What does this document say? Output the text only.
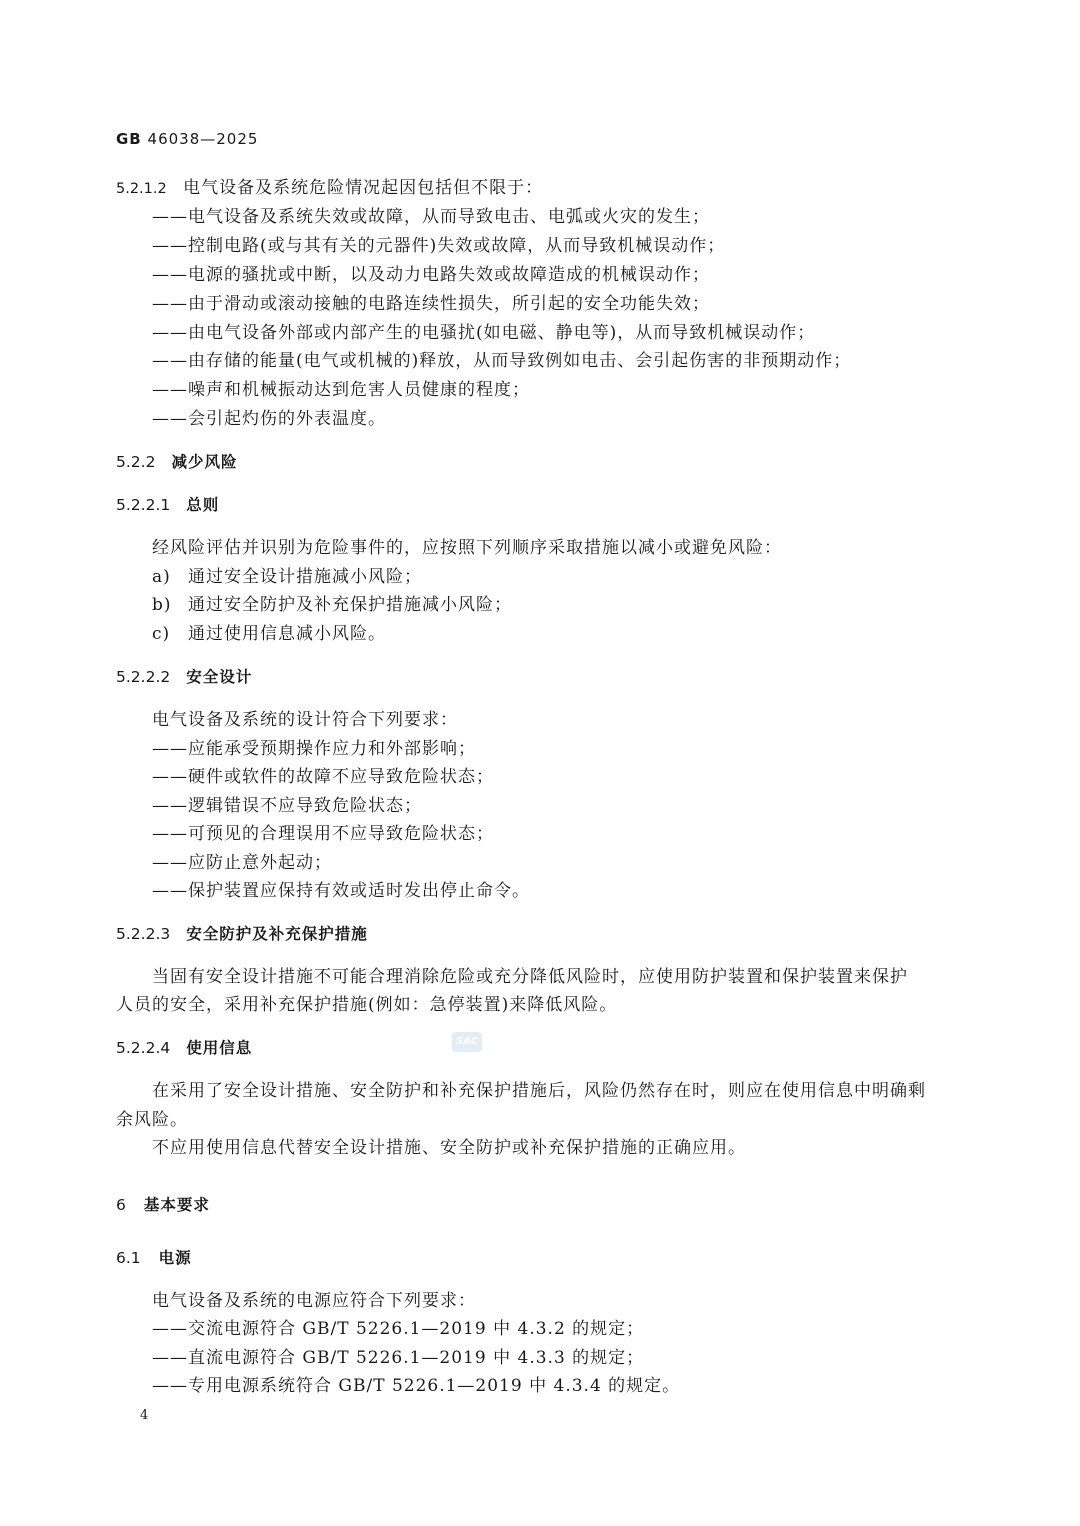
GB 46038—2025
5.2.1.2 电气设备及系统危险情况起因包括但不限于：
——电气设备及系统失效或故障，从而导致电击、电弧或火灾的发生；
——控制电路(或与其有关的元器件)失效或故障，从而导致机械误动作；
——电源的骚扰或中断，以及动力电路失效或故障造成的机械误动作；
——由于滑动或滚动接触的电路连续性损失，所引起的安全功能失效；
——由电气设备外部或内部产生的电骚扰(如电磁、静电等)，从而导致机械误动作；
——由存储的能量(电气或机械的)释放，从而导致例如电击、会引起伤害的非预期动作；
——噪声和机械振动达到危害人员健康的程度；
——会引起灼伤的外表温度。
5.2.2 减少风险
5.2.2.1 总则
经风险评估并识别为危险事件的，应按照下列顺序采取措施以减小或避免风险：
a) 通过安全设计措施减小风险；
b) 通过安全防护及补充保护措施减小风险；
c) 通过使用信息减小风险。
5.2.2.2 安全设计
电气设备及系统的设计符合下列要求：
——应能承受预期操作应力和外部影响；
——硬件或软件的故障不应导致危险状态；
——逻辑错误不应导致危险状态；
——可预见的合理误用不应导致危险状态；
——应防止意外起动；
——保护装置应保持有效或适时发出停止命令。
5.2.2.3 安全防护及补充保护措施
当固有安全设计措施不可能合理消除危险或充分降低风险时，应使用防护装置和保护装置来保护
人员的安全，采用补充保护措施(例如：急停装置)来降低风险。
5.2.2.4 使用信息	SAC
在采用了安全设计措施、安全防护和补充保护措施后，风险仍然存在时，则应在使用信息中明确剩
余风险。
不应用使用信息代替安全设计措施、安全防护或补充保护措施的正确应用。
6 基本要求
6.1 电源
电气设备及系统的电源应符合下列要求：
——交流电源符合 GB/T 5226.1—2019 中 4.3.2 的规定；
——直流电源符合 GB/T 5226.1—2019 中 4.3.3 的规定；
——专用电源系统符合 GB/T 5226.1—2019 中 4.3.4 的规定。
4
